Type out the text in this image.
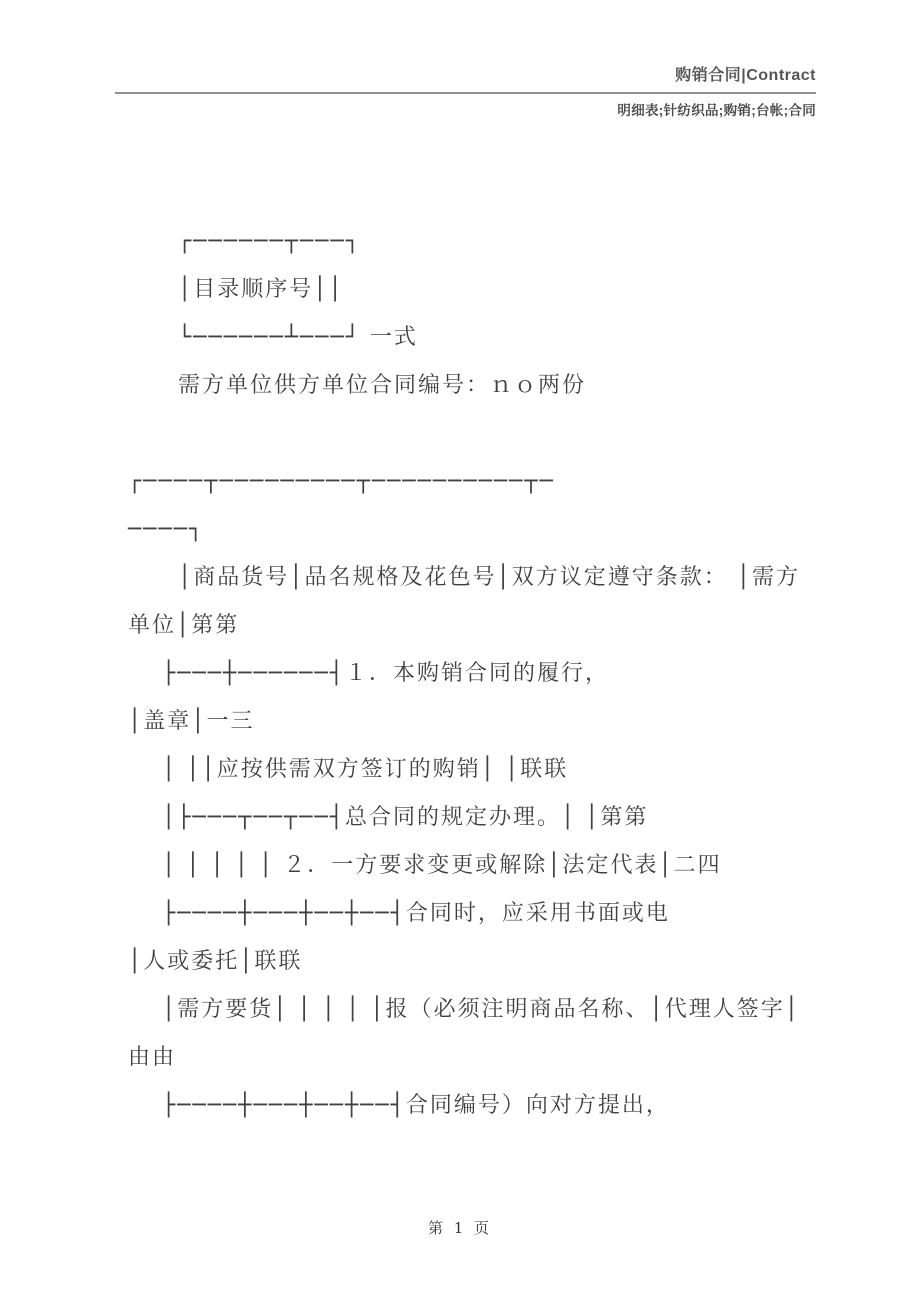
购销合同|Contract
明细表;针纺织品;购销;台帐;合同
┌──────┬───┐
│目录顺序号││
└──────┴───┘ 一式
需方单位供方单位合同编号：ｎｏ两份
┌────┬─────────┬──────────┬─
────┐
│商品货号│品名规格及花色号│双方议定遵守条款： │需方
单位│第第
├───┼──────┤１．本购销合同的履行，
│盖章│一三
│ ││应按供需双方签订的购销│ │联联
│├───┬──┬──┤总合同的规定办理。│ │第第
│ │ │ │ │ ２．一方要求变更或解除│法定代表│二四
├────┼───┼──┼──┤合同时，应采用书面或电
│人或委托│联联
│需方要货│ │ │ │ │报（必须注明商品名称、│代理人签字│
由由
├────┼───┼──┼──┤合同编号）向对方提出，
第 1 页
